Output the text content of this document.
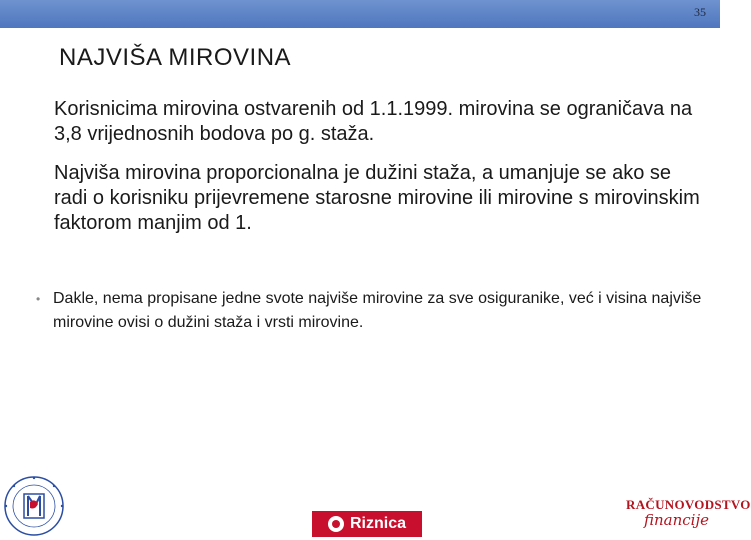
35
NAJVIŠA MIROVINA
Korisnicima mirovina ostvarenih od 1.1.1999. mirovina se ograničava na 3,8 vrijednosnih bodova po g. staža.
Najviša mirovina proporcionalna je dužini staža, a umanjuje se ako se radi o korisniku prijevremene starosne mirovine ili mirovine s mirovinskim faktorom manjim od 1.
• Dakle, nema propisane jedne svote najviše mirovine za sve osiguranike, već i visina najviše mirovine ovisi o dužini staža i vrsti mirovine.
Riznica
RAČUNOVODSTVO
financije
